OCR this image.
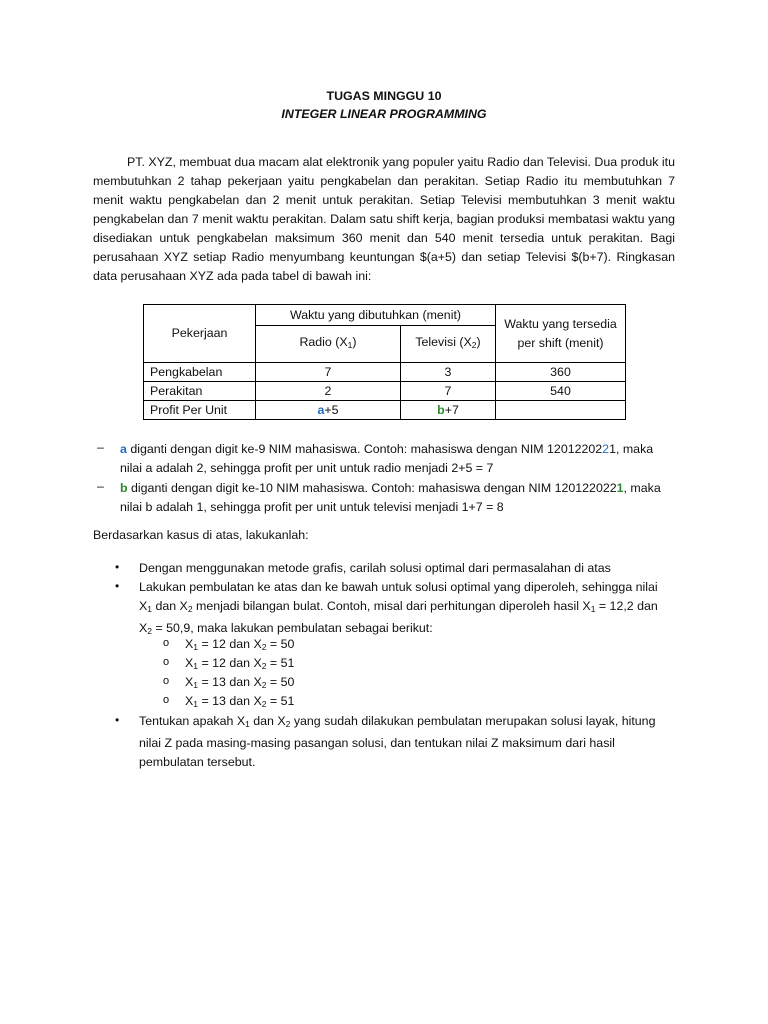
TUGAS MINGGU 10
INTEGER LINEAR PROGRAMMING
PT. XYZ, membuat dua macam alat elektronik yang populer yaitu Radio dan Televisi. Dua produk itu membutuhkan 2 tahap pekerjaan yaitu pengkabelan dan perakitan. Setiap Radio itu membutuhkan 7 menit waktu pengkabelan dan 2 menit untuk perakitan. Setiap Televisi membutuhkan 3 menit waktu pengkabelan dan 7 menit waktu perakitan. Dalam satu shift kerja, bagian produksi membatasi waktu yang disediakan untuk pengkabelan maksimum 360 menit dan 540 menit tersedia untuk perakitan. Bagi perusahaan XYZ setiap Radio menyumbang keuntungan $(a+5) dan setiap Televisi $(b+7). Ringkasan data perusahaan XYZ ada pada tabel di bawah ini:
Pekerjaan	Waktu yang dibutuhkan (menit)		Waktu yang tersedia per shift (menit)
	Radio $(X_1)$	Televisi $(X_2)$	
Pengkabelan	7	3	360
Perakitan	2	7	540
Profit Per Unit	a+5	b+7	
– a diganti dengan digit ke-9 NIM mahasiswa. Contoh: mahasiswa dengan NIM 1201220221, maka
nilai a adalah 2, sehingga profit per unit untuk radio menjadi 2+5 = 7
– b diganti dengan digit ke-10 NIM mahasiswa. Contoh: mahasiswa dengan NIM 1201220221, maka
nilai b adalah 1, sehingga profit per unit untuk televisi menjadi 1+7 = 8
Berdasarkan kasus di atas, lakukanlah:
• Dengan menggunakan metode grafis, carilah solusi optimal dari permasalahan di atas
• Lakukan pembulatan ke atas dan ke bawah untuk solusi optimal yang diperoleh, sehingga nilai
$X_1$ dan $X_2$ menjadi bilangan bulat. Contoh, misal dari perhitungan diperoleh hasil $X_1 = 12,2$ dan
$X_2 = 50,9$, maka lakukan pembulatan sebagai berikut:
o $X_1 = 12$ dan $X_2 = 50$
o $X_1 = 12$ dan $X_2 = 51$
o $X_1 = 13$ dan $X_2 = 50$
o $X_1 = 13$ dan $X_2 = 51$
• Tentukan apakah $X_1$ dan $X_2$ yang sudah dilakukan pembulatan merupakan solusi layak, hitung
nilai Z pada masing-masing pasangan solusi, dan tentukan nilai Z maksimum dari hasil
pembulatan tersebut.
